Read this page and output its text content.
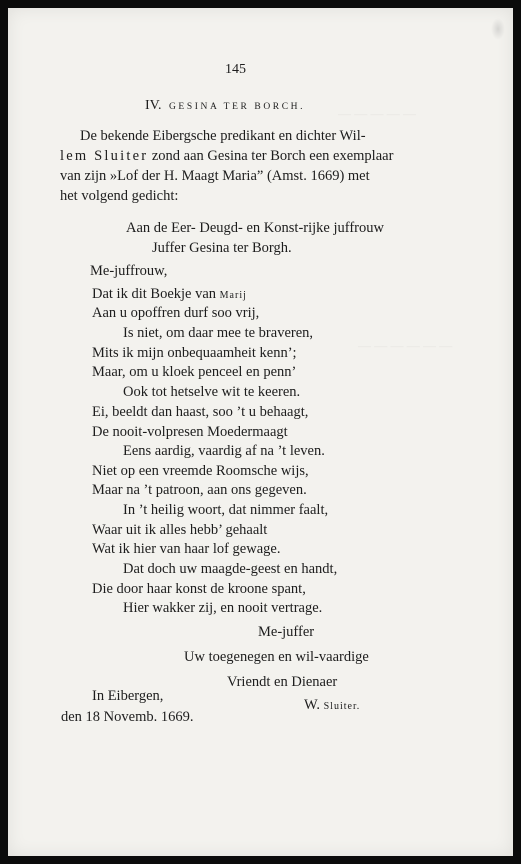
— — — — —
— — — — — —
145
IV. GESINA TER BORCH.
De bekende Eibergsche predikant en dichter Wil-
lem Sluiter zond aan Gesina ter Borch een exemplaar
van zijn »Lof der H. Maagt Maria” (Amst. 1669) met
het volgend gedicht:
Aan de Eer- Deugd- en Konst-rijke juffrouw
Juffer Gesina ter Borgh.
Me-juffrouw,
Dat ik dit Boekje van Marij
Aan u opoffren durf soo vrij,
Is niet, om daar mee te braveren,
Mits ik mijn onbequaamheit kenn’;
Maar, om u kloek penceel en penn’
Ook tot hetselve wit te keeren.
Ei, beeldt dan haast, soo ’t u behaagt,
De nooit-volpresen Moedermaagt
Eens aardig, vaardig af na ’t leven.
Niet op een vreemde Roomsche wijs,
Maar na ’t patroon, aan ons gegeven.
In ’t heilig woort, dat nimmer faalt,
Waar uit ik alles hebb’ gehaalt
Wat ik hier van haar lof gewage.
Dat doch uw maagde-geest en handt,
Die door haar konst de kroone spant,
Hier wakker zij, en nooit vertrage.
Me-juffer
Uw toegenegen en wil-vaardige
Vriendt en Dienaer
In Eibergen,
den 18 Novemb. 1669.
W. Sluiter.
